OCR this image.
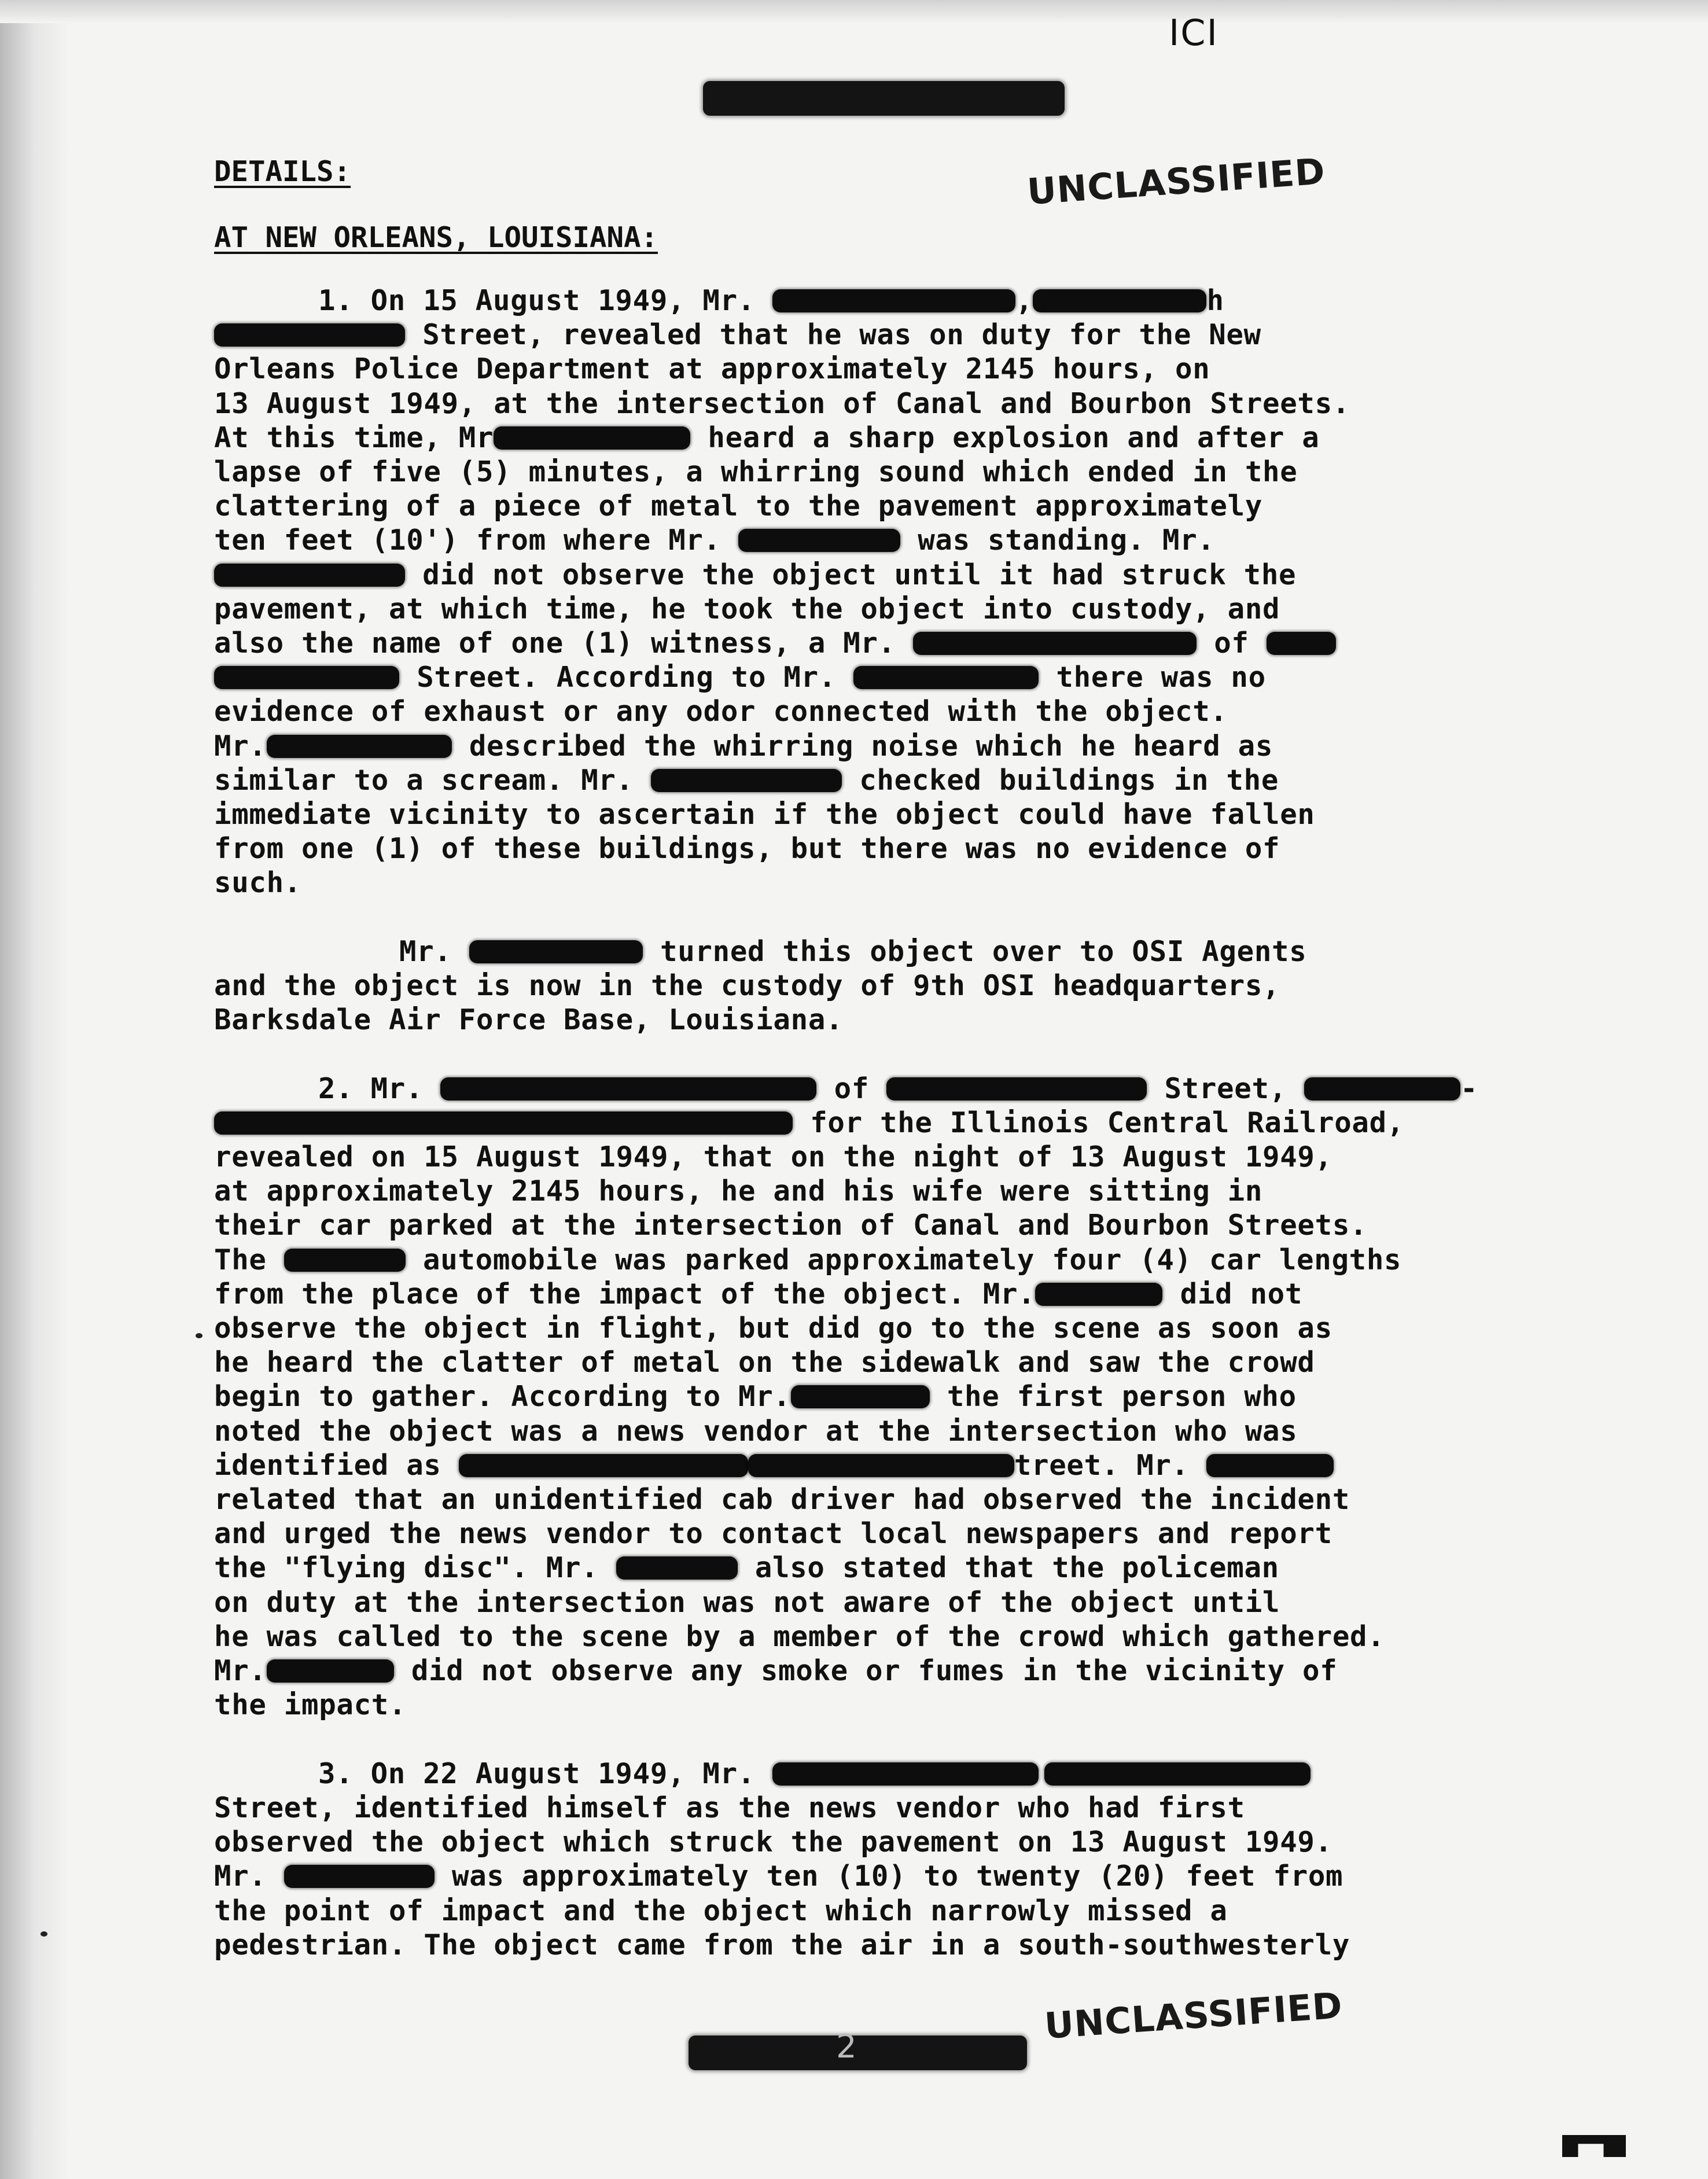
ICI
UNCLASSIFIED
DETAILS:
AT NEW ORLEANS, LOUISIANA:

1. On 15 August 1949, Mr.	,	h
Street, revealed that he was on duty for the New
Orleans Police Department at approximately 2145 hours, on
13 August 1949, at the intersection of Canal and Bourbon Streets.
At this time, Mr	heard a sharp explosion and after a
lapse of five (5) minutes, a whirring sound which ended in the
clattering of a piece of metal to the pavement approximately
ten feet (10') from where Mr.	was standing. Mr.
did not observe the object until it had struck the
pavement, at which time, he took the object into custody, and
also the name of one (1) witness, a Mr.	of
Street. According to Mr.	there was no
evidence of exhaust or any odor connected with the object.
Mr.	described the whirring noise which he heard as
similar to a scream. Mr.	checked buildings in the
immediate vicinity to ascertain if the object could have fallen
from one (1) of these buildings, but there was no evidence of
such.

Mr.	turned this object over to OSI Agents
and the object is now in the custody of 9th OSI headquarters,
Barksdale Air Force Base, Louisiana.

2. Mr.	of	Street,	-
for the Illinois Central Railroad,
revealed on 15 August 1949, that on the night of 13 August 1949,
at approximately 2145 hours, he and his wife were sitting in
their car parked at the intersection of Canal and Bourbon Streets.
The	automobile was parked approximately four (4) car lengths
from the place of the impact of the object. Mr.	did not
observe the object in flight, but did go to the scene as soon as
he heard the clatter of metal on the sidewalk and saw the crowd
begin to gather. According to Mr.	the first person who
noted the object was a news vendor at the intersection who was
identified as	treet. Mr.
related that an unidentified cab driver had observed the incident
and urged the news vendor to contact local newspapers and report
the "flying disc". Mr.	also stated that the policeman
on duty at the intersection was not aware of the object until
he was called to the scene by a member of the crowd which gathered.
Mr.	did not observe any smoke or fumes in the vicinity of
the impact.

3. On 22 August 1949, Mr.
Street, identified himself as the news vendor who had first
observed the object which struck the pavement on 13 August 1949.
Mr.	was approximately ten (10) to twenty (20) feet from
the point of impact and the object which narrowly missed a
pedestrian. The object came from the air in a south-southwesterly

2	UNCLASSIFIED
